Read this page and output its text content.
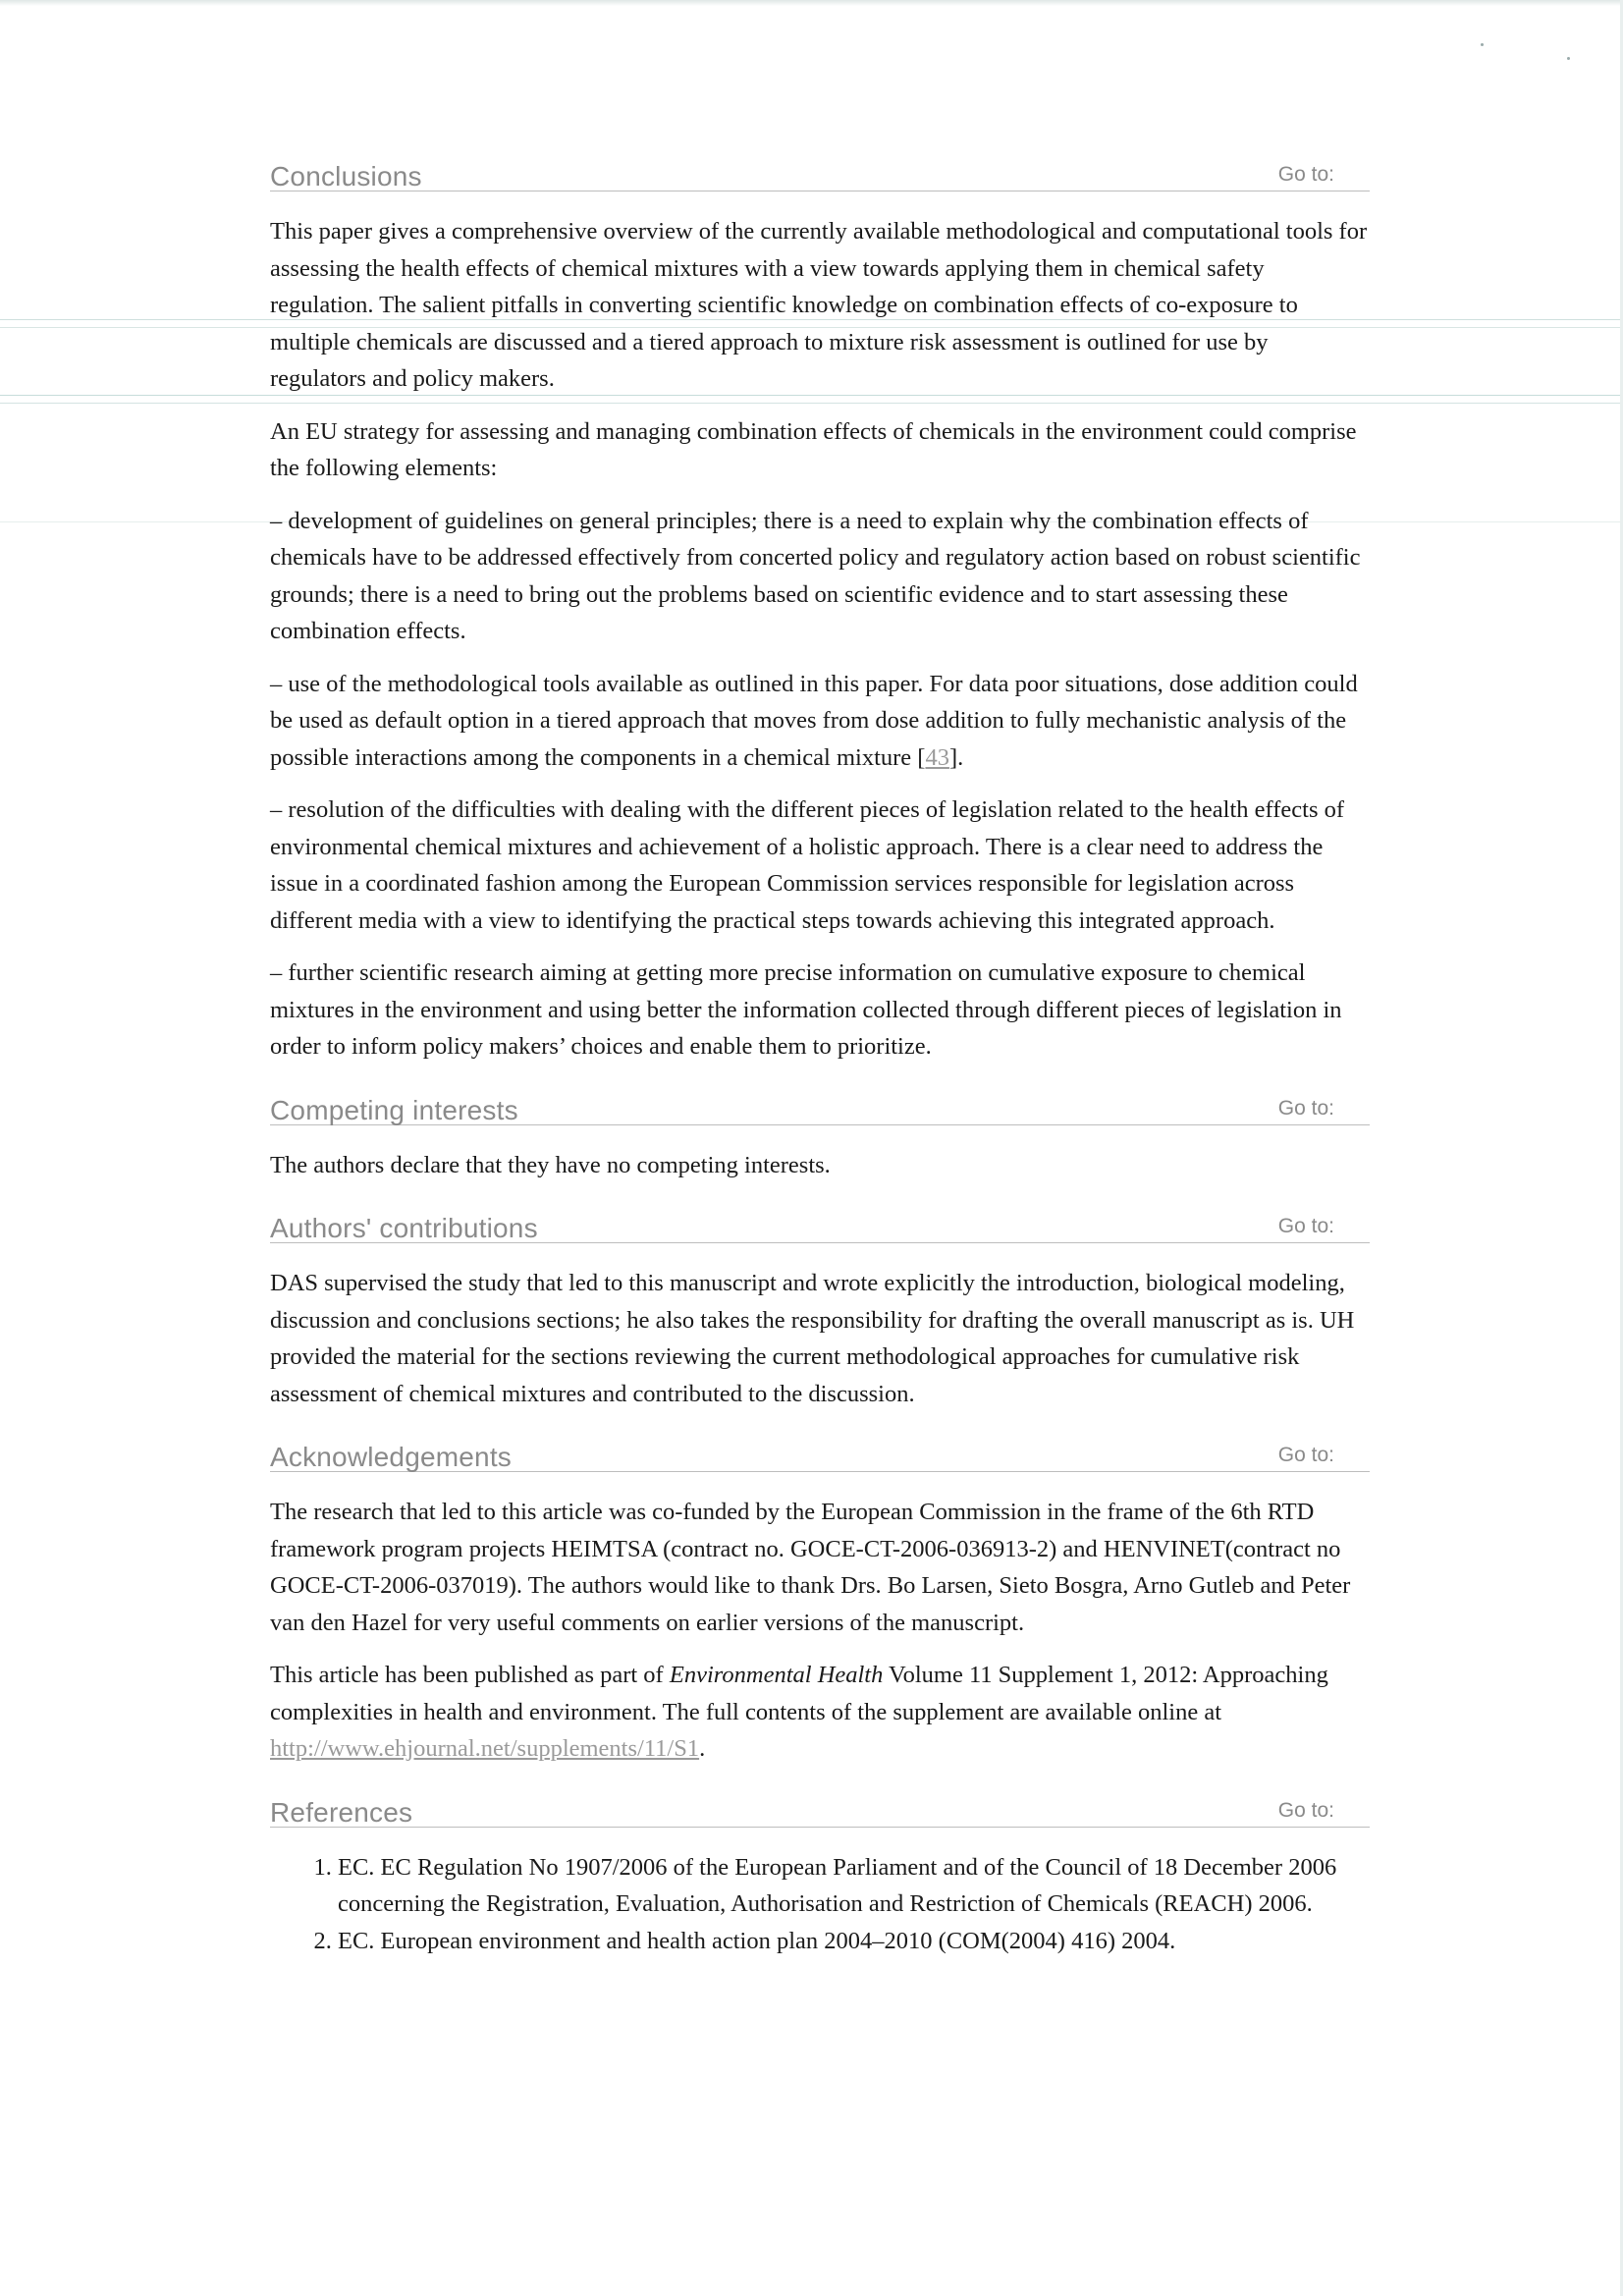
Conclusions	Go to:

This paper gives a comprehensive overview of the currently available methodological and computational tools for assessing the health effects of chemical mixtures with a view towards applying them in chemical safety regulation. The salient pitfalls in converting scientific knowledge on combination effects of co-exposure to multiple chemicals are discussed and a tiered approach to mixture risk assessment is outlined for use by regulators and policy makers.

An EU strategy for assessing and managing combination effects of chemicals in the environment could comprise the following elements:

– development of guidelines on general principles; there is a need to explain why the combination effects of chemicals have to be addressed effectively from concerted policy and regulatory action based on robust scientific grounds; there is a need to bring out the problems based on scientific evidence and to start assessing these combination effects.

– use of the methodological tools available as outlined in this paper. For data poor situations, dose addition could be used as default option in a tiered approach that moves from dose addition to fully mechanistic analysis of the possible interactions among the components in a chemical mixture [43].

– resolution of the difficulties with dealing with the different pieces of legislation related to the health effects of environmental chemical mixtures and achievement of a holistic approach. There is a clear need to address the issue in a coordinated fashion among the European Commission services responsible for legislation across different media with a view to identifying the practical steps towards achieving this integrated approach.

– further scientific research aiming at getting more precise information on cumulative exposure to chemical mixtures in the environment and using better the information collected through different pieces of legislation in order to inform policy makers’ choices and enable them to prioritize.

Competing interests	Go to:

The authors declare that they have no competing interests.

Authors' contributions	Go to:

DAS supervised the study that led to this manuscript and wrote explicitly the introduction, biological modeling, discussion and conclusions sections; he also takes the responsibility for drafting the overall manuscript as is. UH provided the material for the sections reviewing the current methodological approaches for cumulative risk assessment of chemical mixtures and contributed to the discussion.

Acknowledgements	Go to:

The research that led to this article was co-funded by the European Commission in the frame of the 6th RTD framework program projects HEIMTSA (contract no. GOCE-CT-2006-036913-2) and HENVINET(contract no GOCE-CT-2006-037019). The authors would like to thank Drs. Bo Larsen, Sieto Bosgra, Arno Gutleb and Peter van den Hazel for very useful comments on earlier versions of the manuscript.

This article has been published as part of Environmental Health Volume 11 Supplement 1, 2012: Approaching complexities in health and environment. The full contents of the supplement are available online at http://www.ehjournal.net/supplements/11/S1.

References	Go to:
1. EC. EC Regulation No 1907/2006 of the European Parliament and of the Council of 18 December 2006 concerning the Registration, Evaluation, Authorisation and Restriction of Chemicals (REACH) 2006.
2. EC. European environment and health action plan 2004–2010 (COM(2004) 416) 2004.
